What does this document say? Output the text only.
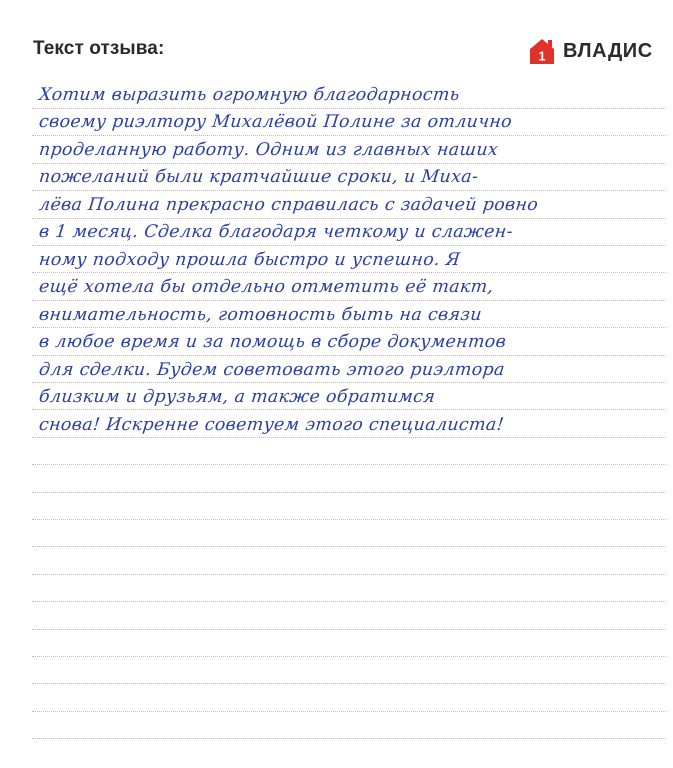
Текст отзыва:	1 ВЛАДИС
Хотим выразить огромную благодарность
своему риэлтору Михалёвой Полине за отлично
проделанную работу. Одним из главных наших
пожеланий были кратчайшие сроки, и Миха-
лёва Полина прекрасно справилась с задачей ровно
в 1 месяц. Сделка благодаря четкому и слажен-
ному подходу прошла быстро и успешно. Я
ещё хотела бы отдельно отметить её такт,
внимательность, готовность быть на связи
в любое время и за помощь в сборе документов
для сделки. Будем советовать этого риэлтора
близким и друзьям, а также обратимся
снова! Искренне советуем этого специалиста!
